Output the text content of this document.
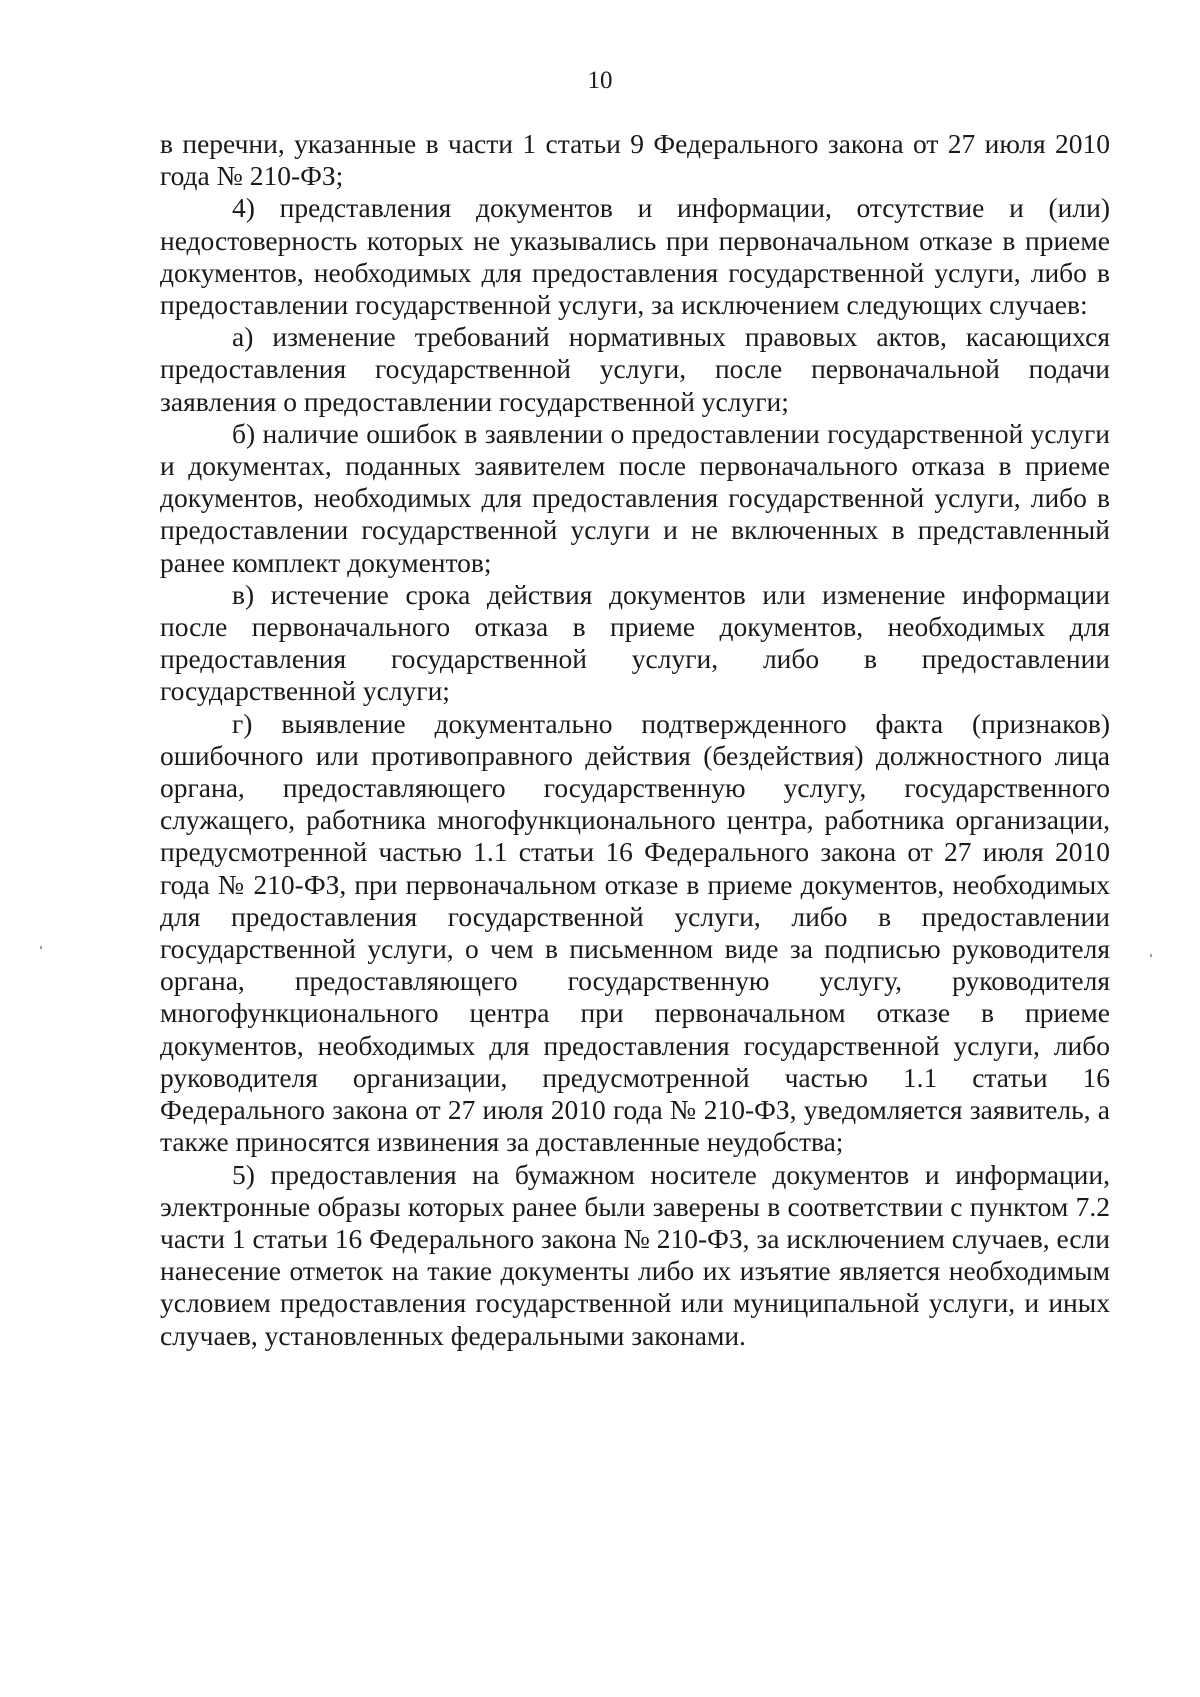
10

в перечни, указанные в части 1 статьи 9 Федерального закона от 27 июля 2010 года № 210-ФЗ;

4) представления документов и информации, отсутствие и (или) недостоверность которых не указывались при первоначальном отказе в приеме документов, необходимых для предоставления государственной услуги, либо в предоставлении государственной услуги, за исключением следующих случаев:

а) изменение требований нормативных правовых актов, касающихся предоставления государственной услуги, после первоначальной подачи заявления о предоставлении государственной услуги;

б) наличие ошибок в заявлении о предоставлении государственной услуги и документах, поданных заявителем после первоначального отказа в приеме документов, необходимых для предоставления государственной услуги, либо в предоставлении государственной услуги и не включенных в представленный ранее комплект документов;

в) истечение срока действия документов или изменение информации после первоначального отказа в приеме документов, необходимых для предоставления государственной услуги, либо в предоставлении государственной услуги;

г) выявление документально подтвержденного факта (признаков) ошибочного или противоправного действия (бездействия) должностного лица органа, предоставляющего государственную услугу, государственного служащего, работника многофункционального центра, работника организации, предусмотренной частью 1.1 статьи 16 Федерального закона от 27 июля 2010 года № 210-ФЗ, при первоначальном отказе в приеме документов, необходимых для предоставления государственной услуги, либо в предоставлении государственной услуги, о чем в письменном виде за подписью руководителя органа, предоставляющего государственную услугу, руководителя многофункционального центра при первоначальном отказе в приеме документов, необходимых для предоставления государственной услуги, либо руководителя организации, предусмотренной частью 1.1 статьи 16 Федерального закона от 27 июля 2010 года № 210-ФЗ, уведомляется заявитель, а также приносятся извинения за доставленные неудобства;

5) предоставления на бумажном носителе документов и информации, электронные образы которых ранее были заверены в соответствии с пунктом 7.2 части 1 статьи 16 Федерального закона № 210-ФЗ, за исключением случаев, если нанесение отметок на такие документы либо их изъятие является необходимым условием предоставления государственной или муниципальной услуги, и иных случаев, установленных федеральными законами.
